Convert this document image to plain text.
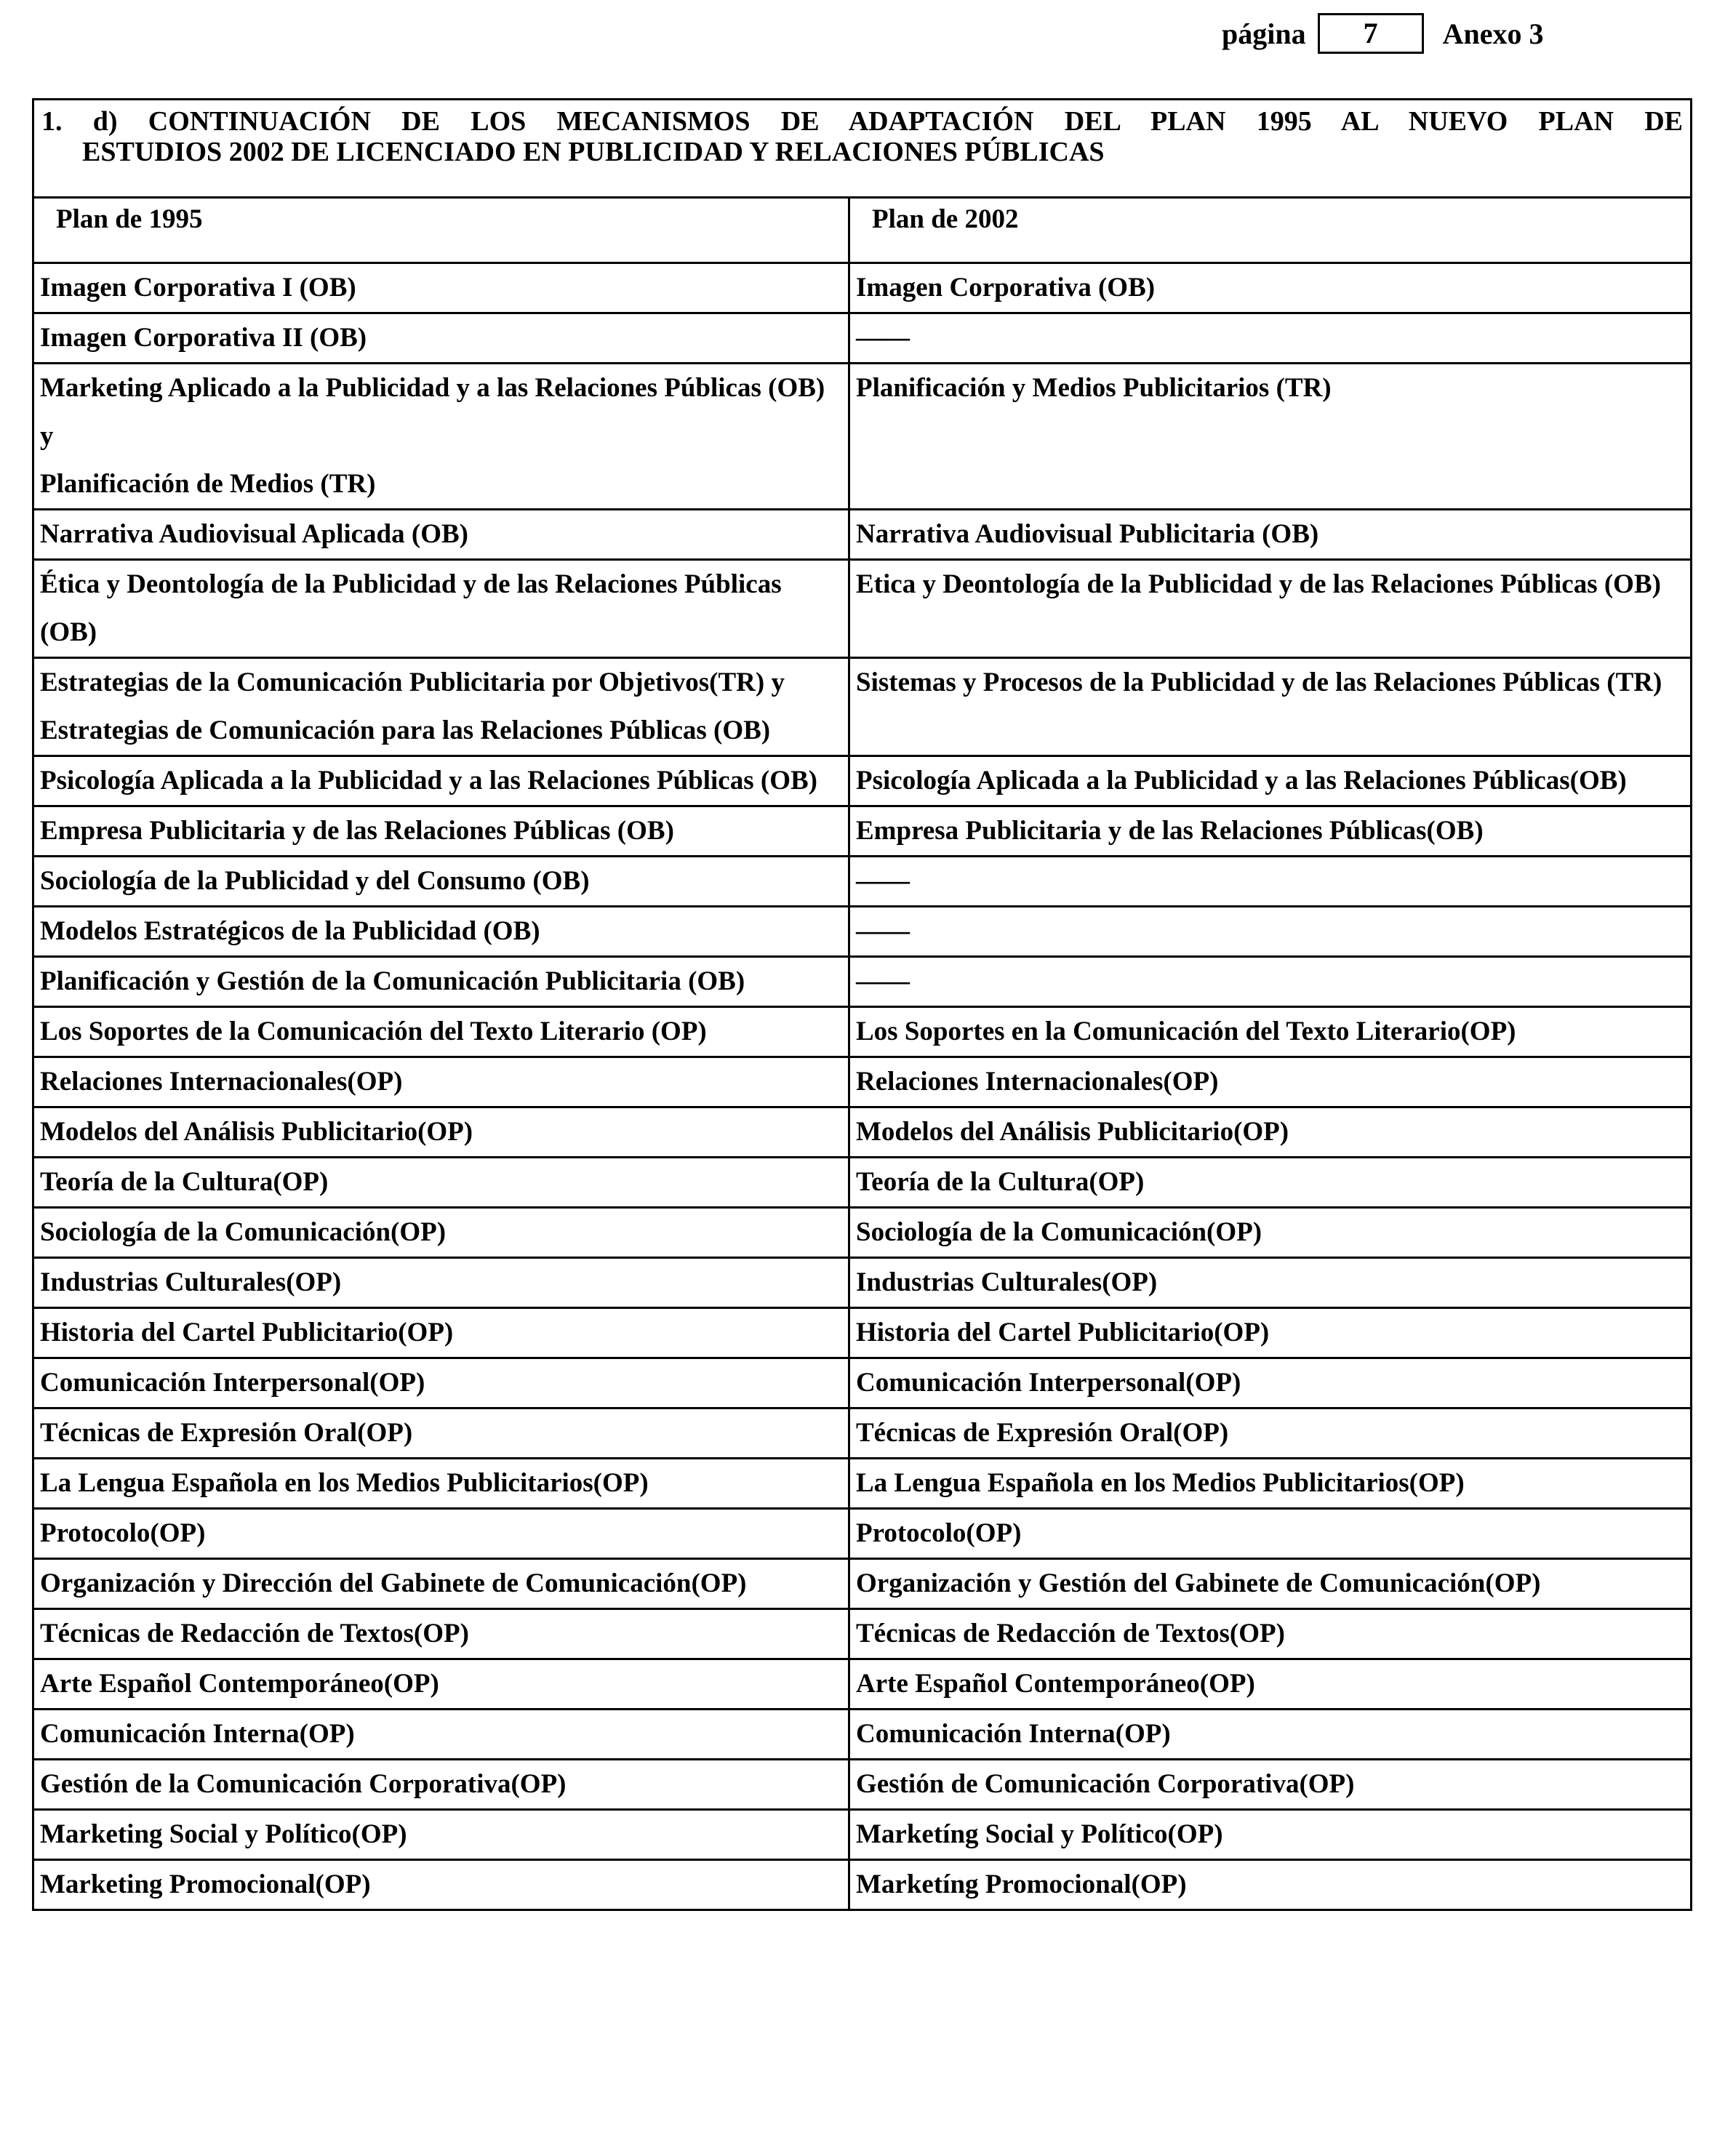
página	7	Anexo 3
1. d) CONTINUACIÓN DE LOS MECANISMOS DE ADAPTACIÓN DEL PLAN 1995 AL NUEVO PLAN DE
ESTUDIOS 2002 DE LICENCIADO EN PUBLICIDAD Y RELACIONES PÚBLICAS	

Plan de 1995	Plan de 2002
Imagen Corporativa I (OB)	Imagen Corporativa (OB)
Imagen Corporativa II (OB)	——
Marketing Aplicado a la Publicidad y a las Relaciones Públicas (OB) y
Planificación de Medios (TR)	Planificación y Medios Publicitarios (TR)
Narrativa Audiovisual Aplicada (OB)	Narrativa Audiovisual Publicitaria (OB)
Ética y Deontología de la Publicidad y de las Relaciones Públicas (OB)	Etica y Deontología de la Publicidad y de las Relaciones Públicas (OB)
Estrategias de la Comunicación Publicitaria por Objetivos(TR) y
Estrategias de Comunicación para las Relaciones Públicas (OB)	Sistemas y Procesos de la Publicidad y de las Relaciones Públicas (TR)
Psicología Aplicada a la Publicidad y a las Relaciones Públicas (OB)	Psicología Aplicada a la Publicidad y a las Relaciones Públicas(OB)
Empresa Publicitaria y de las Relaciones Públicas (OB)	Empresa Publicitaria y de las Relaciones Públicas(OB)
Sociología de la Publicidad y del Consumo (OB)	——
Modelos Estratégicos de la Publicidad (OB)	——
Planificación y Gestión de la Comunicación Publicitaria (OB)	——
Los Soportes de la Comunicación del Texto Literario (OP)	Los Soportes en la Comunicación del Texto Literario(OP)
Relaciones Internacionales(OP)	Relaciones Internacionales(OP)
Modelos del Análisis Publicitario(OP)	Modelos del Análisis Publicitario(OP)
Teoría de la Cultura(OP)	Teoría de la Cultura(OP)
Sociología de la Comunicación(OP)	Sociología de la Comunicación(OP)
Industrias Culturales(OP)	Industrias Culturales(OP)
Historia del Cartel Publicitario(OP)	Historia del Cartel Publicitario(OP)
Comunicación Interpersonal(OP)	Comunicación Interpersonal(OP)
Técnicas de Expresión Oral(OP)	Técnicas de Expresión Oral(OP)
La Lengua Española en los Medios Publicitarios(OP)	La Lengua Española en los Medios Publicitarios(OP)
Protocolo(OP)	Protocolo(OP)
Organización y Dirección del Gabinete de Comunicación(OP)	Organización y Gestión del Gabinete de Comunicación(OP)
Técnicas de Redacción de Textos(OP)	Técnicas de Redacción de Textos(OP)
Arte Español Contemporáneo(OP)	Arte Español Contemporáneo(OP)
Comunicación Interna(OP)	Comunicación Interna(OP)
Gestión de la Comunicación Corporativa(OP)	Gestión de Comunicación Corporativa(OP)
Marketing Social y Político(OP)	Marketíng Social y Político(OP)
Marketing Promocional(OP)	Marketíng Promocional(OP)
